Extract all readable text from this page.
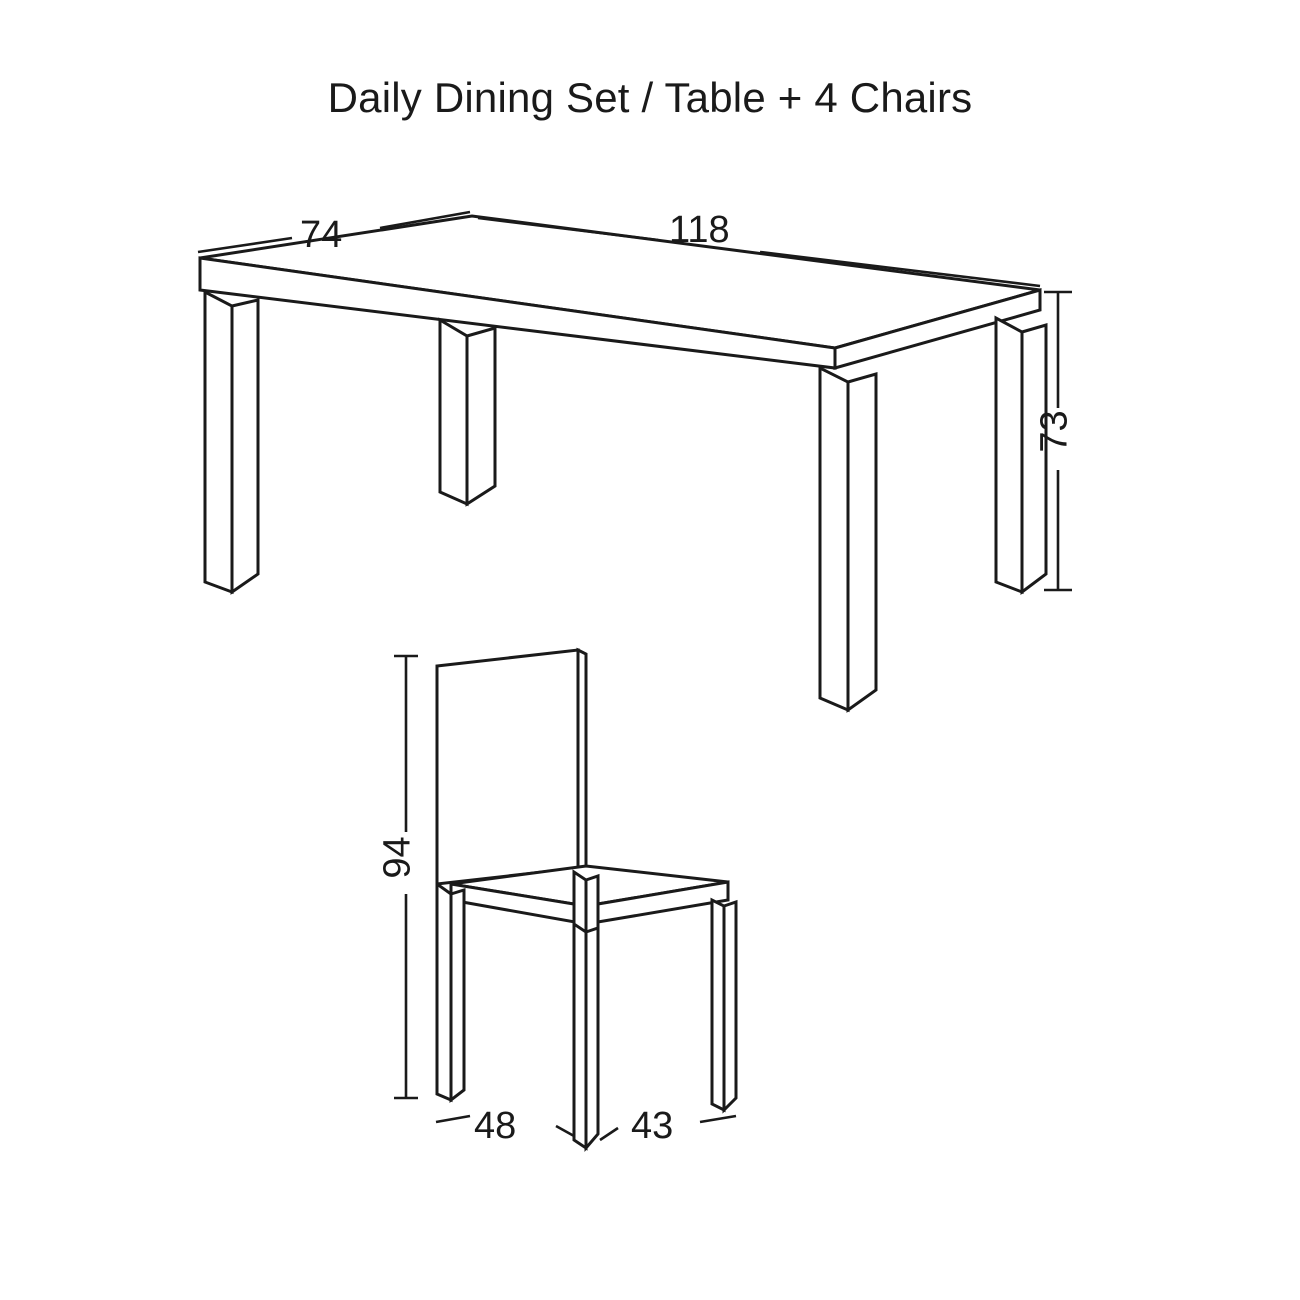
Daily Dining Set / Table + 4 Chairs
74	118
73
94
48	43
